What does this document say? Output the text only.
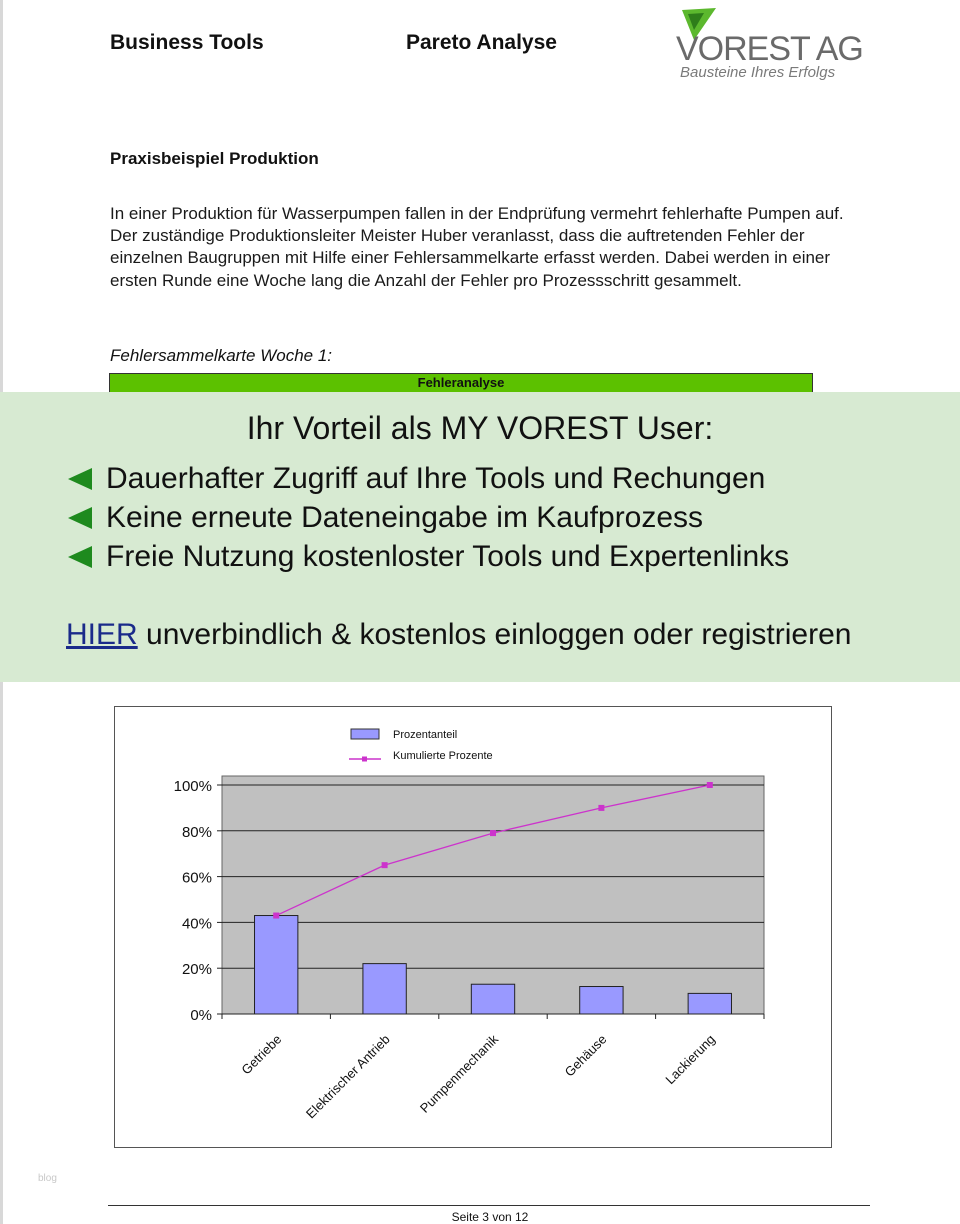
Business Tools	Pareto Analyse	VOREST AG
Bausteine Ihres Erfolgs
Praxisbeispiel Produktion
In einer Produktion für Wasserpumpen fallen in der Endprüfung vermehrt fehlerhafte Pumpen auf. Der zuständige Produktionsleiter Meister Huber veranlasst, dass die auftretenden Fehler der einzelnen Baugruppen mit Hilfe einer Fehlersammelkarte erfasst werden. Dabei werden in einer ersten Runde eine Woche lang die Anzahl der Fehler pro Prozessschritt gesammelt.
Fehlersammelkarte Woche 1:
Fehleranalyse
Ihr Vorteil als MY VOREST User:
Dauerhafter Zugriff auf Ihre Tools und Rechungen
Keine erneute Dateneingabe im Kaufprozess
Freie Nutzung kostenloster Tools und Expertenlinks
HIER unverbindlich & kostenlos einloggen oder registrieren
Prozentanteil
Kumulierte Prozente
100%
80%
60%
40%
20%
0%
Getriebe Elektrischer Antrieb Pumpenmechanik	Gehäuse	Lackierung
blog
Seite 3 von 12
